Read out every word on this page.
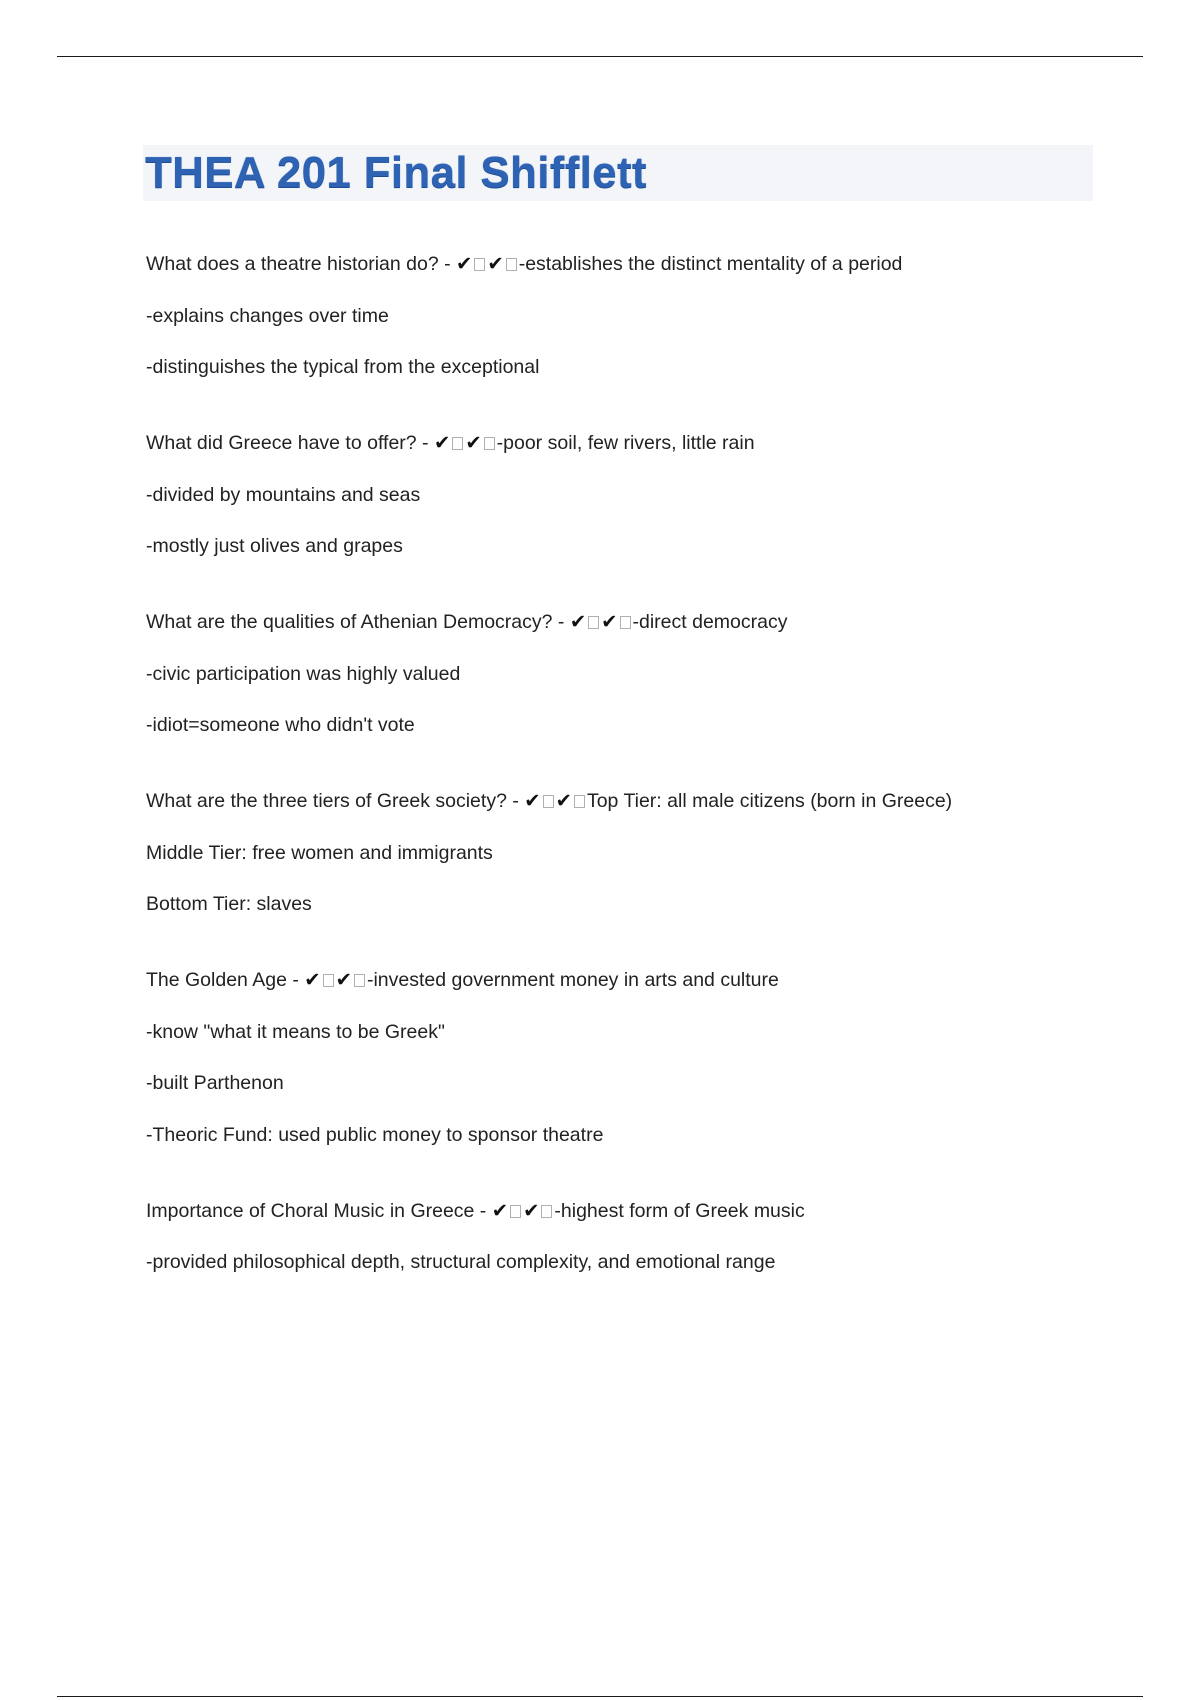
THEA 201 Final Shifflett
What does a theatre historian do? - ✔ ✔ -establishes the distinct mentality of a period
-explains changes over time
-distinguishes the typical from the exceptional
What did Greece have to offer? - ✔ ✔ -poor soil, few rivers, little rain
-divided by mountains and seas
-mostly just olives and grapes
What are the qualities of Athenian Democracy? - ✔ ✔ -direct democracy
-civic participation was highly valued
-idiot=someone who didn't vote
What are the three tiers of Greek society? - ✔ ✔ Top Tier: all male citizens (born in Greece)
Middle Tier: free women and immigrants
Bottom Tier: slaves
The Golden Age - ✔ ✔ -invested government money in arts and culture
-know "what it means to be Greek"
-built Parthenon
-Theoric Fund: used public money to sponsor theatre
Importance of Choral Music in Greece - ✔ ✔ -highest form of Greek music
-provided philosophical depth, structural complexity, and emotional range
